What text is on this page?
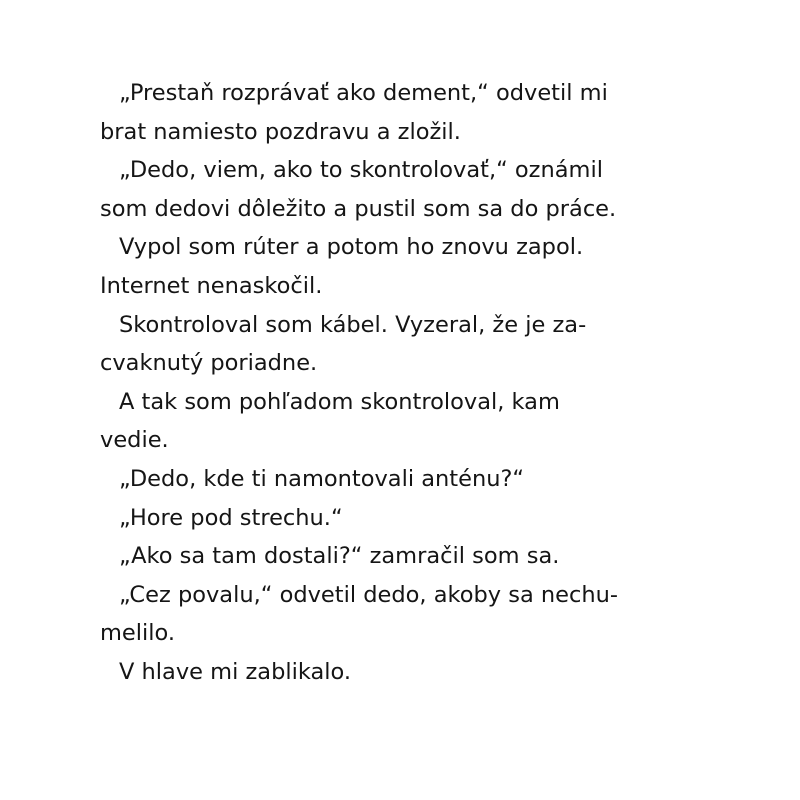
„Prestaň rozprávať ako dement,“ odvetil mi
brat namiesto pozdravu a zložil.
„Dedo, viem, ako to skontrolovať,“ oznámil
som dedovi dôležito a pustil som sa do práce.
Vypol som rúter a potom ho znovu zapol.
Internet nenaskočil.
Skontroloval som kábel. Vyzeral, že je za-
cvaknutý poriadne.
A tak som pohľadom skontroloval, kam
vedie.
„Dedo, kde ti namontovali anténu?“
„Hore pod strechu.“
„Ako sa tam dostali?“ zamračil som sa.
„Cez povalu,“ odvetil dedo, akoby sa nechu-
melilo.
V hlave mi zablikalo.
